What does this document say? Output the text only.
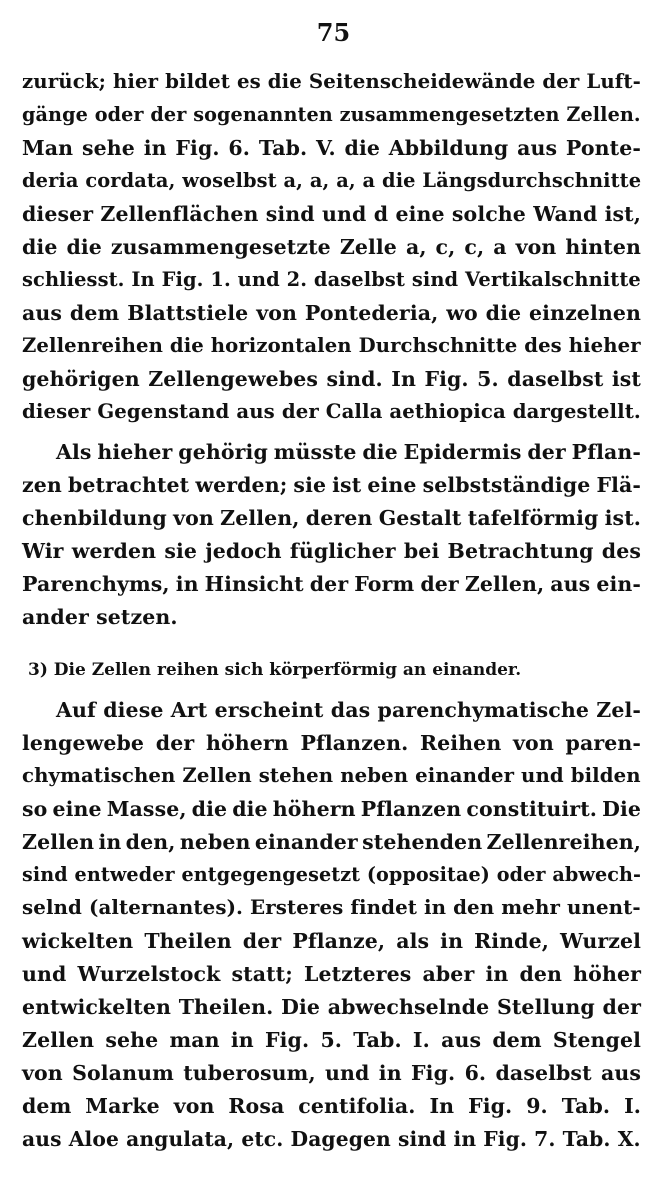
75
zurück; hier bildet es die Seitenscheidewände der Luft-
gänge oder der sogenannten zusammengesetzten Zellen.
Man sehe in Fig. 6. Tab. V. die Abbildung aus Ponte-
deria cordata, woselbst a, a, a, a die Längsdurchschnitte
dieser Zellenflächen sind und d eine solche Wand ist,
die die zusammengesetzte Zelle a, c, c, a von hinten
schliesst. In Fig. 1. und 2. daselbst sind Vertikalschnitte
aus dem Blattstiele von Pontederia, wo die einzelnen
Zellenreihen die horizontalen Durchschnitte des hieher
gehörigen Zellengewebes sind. In Fig. 5. daselbst ist
dieser Gegenstand aus der Calla aethiopica dargestellt.
Als hieher gehörig müsste die Epidermis der Pflan-
zen betrachtet werden; sie ist eine selbstständige Flä-
chenbildung von Zellen, deren Gestalt tafelförmig ist.
Wir werden sie jedoch füglicher bei Betrachtung des
Parenchyms, in Hinsicht der Form der Zellen, aus ein-
ander setzen.
3) Die Zellen reihen sich körperförmig an einander.
Auf diese Art erscheint das parenchymatische Zel-
lengewebe der höhern Pflanzen. Reihen von paren-
chymatischen Zellen stehen neben einander und bilden
so eine Masse, die die höhern Pflanzen constituirt. Die
Zellen in den, neben einander stehenden Zellenreihen,
sind entweder entgegengesetzt (oppositae) oder abwech-
selnd (alternantes). Ersteres findet in den mehr unent-
wickelten Theilen der Pflanze, als in Rinde, Wurzel
und Wurzelstock statt; Letzteres aber in den höher
entwickelten Theilen. Die abwechselnde Stellung der
Zellen sehe man in Fig. 5. Tab. I. aus dem Stengel
von Solanum tuberosum, und in Fig. 6. daselbst aus
dem Marke von Rosa centifolia. In Fig. 9. Tab. I.
aus Aloe angulata, etc. Dagegen sind in Fig. 7. Tab. X.
